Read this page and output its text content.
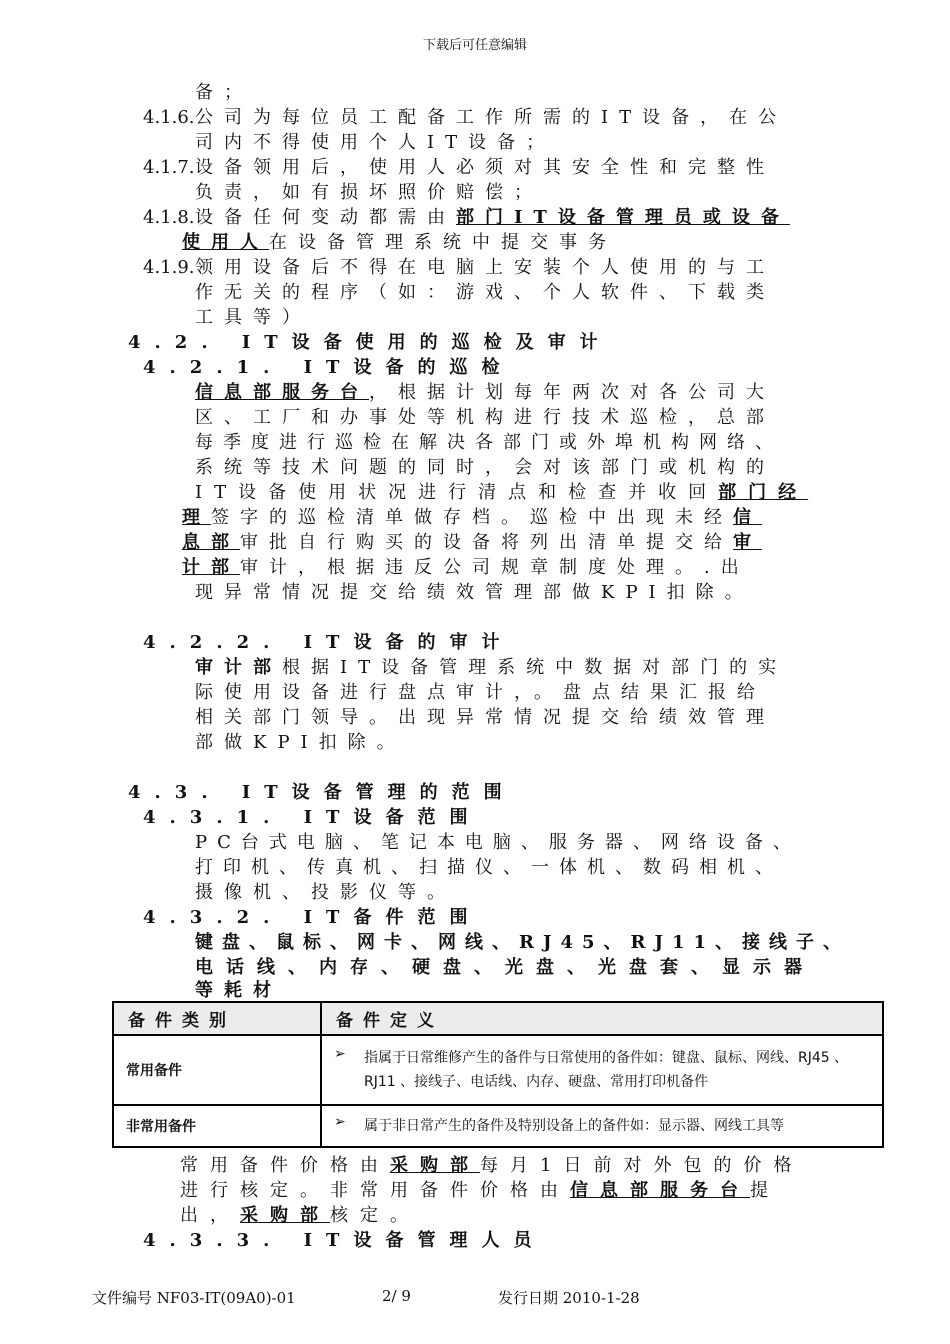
下载后可任意编辑
备；
4.1.6. 公司为每位员工配备工作所需的IT设备，在公
司内不得使用个人IT设备；
4.1.7. 设备领用后，使用人必须对其安全性和完整性
负责，如有损坏照价赔偿；
4.1.8. 设备任何变动都需由部门IT设备管理员或设备
使用人在设备管理系统中提交事务
4.1.9. 领用设备后不得在电脑上安装个人使用的与工
作无关的程序（如：游戏、个人软件、下载类
工具等）
4.2. IT设备使用的巡检及审计
4.2.1. IT设备的巡检
信息部服务台，根据计划每年两次对各公司大
区、工厂和办事处等机构进行技术巡检，总部
每季度进行巡检在解决各部门或外埠机构网络、
系统等技术问题的同时，会对该部门或机构的
IT设备使用状况进行清点和检查并收回部门经
理签字的巡检清单做存档。巡检中出现未经信
息部审批自行购买的设备将列出清单提交给审
计部审计，根据违反公司规章制度处理。.出
现异常情况提交给绩效管理部做KPI扣除。
4.2.2. IT设备的审计
审计部根据IT设备管理系统中数据对部门的实
际使用设备进行盘点审计，。盘点结果汇报给
相关部门领导。出现异常情况提交给绩效管理
部做KPI扣除。
4.3. IT设备管理的范围
4.3.1. IT设备范围
PC台式电脑、笔记本电脑、服务器、网络设备、
打印机、传真机、扫描仪、一体机、数码相机、
摄像机、投影仪等。
4.3.2. IT备件范围
键盘、鼠标、网卡、网线、RJ45、RJ11、接线子、
电话线、内存、硬盘、光盘、光盘套、显示器
等耗材
备件类别	备件定义
常用备件	➢ 指属于日常维修产生的备件与日常使用的备件如：键盘、鼠标、网线、RJ45 、RJ11 、接线子、电话线、内存、硬盘、常用打印机备件
非常用备件	➢ 属于非日常产生的备件及特别设备上的备件如：显示器、网线工具等
常用备件价格由采购部每月1日前对外包的价格
进行核定。非常用备件价格由信息部服务台提
出，采购部核定。
4.3.3. IT设备管理人员
文件编号 NF03-IT(09A0)-01	2/ 9	发行日期 2010-1-28
